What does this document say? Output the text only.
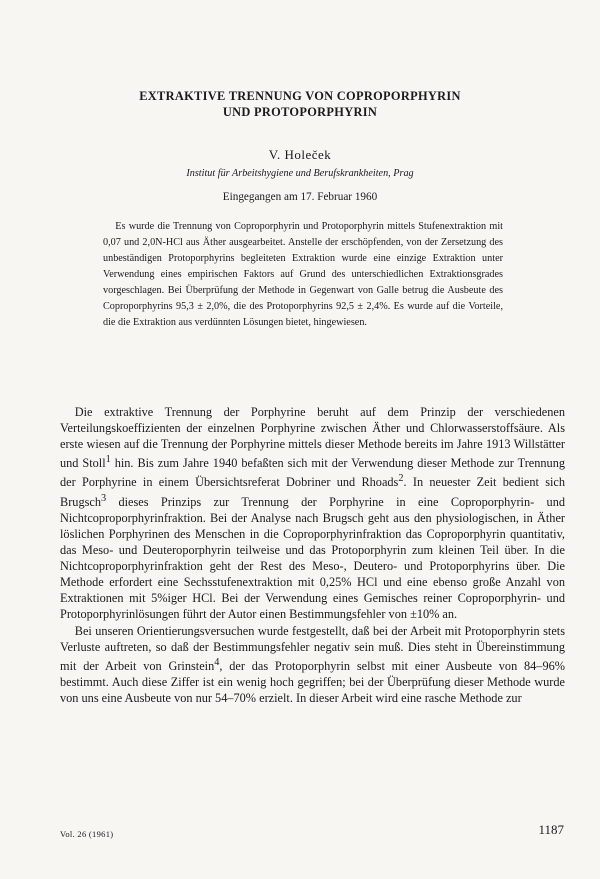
EXTRAKTIVE TRENNUNG VON COPROPORPHYRIN
UND PROTOPORPHYRIN
V. Holeček
Institut für Arbeitshygiene und Berufskrankheiten, Prag
Eingegangen am 17. Februar 1960

Es wurde die Trennung von Coproporphyrin und Protoporphyrin mittels Stufenextraktion mit 0,07 und 2,0N-HCl aus Äther ausgearbeitet. Anstelle der erschöpfenden, von der Zersetzung des unbeständigen Protoporphyrins begleiteten Extraktion wurde eine einzige Extraktion unter Verwendung eines empirischen Faktors auf Grund des unterschiedlichen Extraktionsgrades vorgeschlagen. Bei Überprüfung der Methode in Gegenwart von Galle betrug die Ausbeute des Coproporphyrins 95,3 ± 2,0%, die des Protoporphyrins 92,5 ± 2,4%. Es wurde auf die Vorteile, die die Extraktion aus verdünnten Lösungen bietet, hingewiesen.

Die extraktive Trennung der Porphyrine beruht auf dem Prinzip der verschiedenen Verteilungskoeffizienten der einzelnen Porphyrine zwischen Äther und Chlorwasserstoffsäure. Als erste wiesen auf die Trennung der Porphyrine mittels dieser Methode bereits im Jahre 1913 Willstätter und Stoll$^1$ hin. Bis zum Jahre 1940 befaßten sich mit der Verwendung dieser Methode zur Trennung der Porphyrine in einem Übersichtsreferat Dobriner und Rhoads$^2$. In neuester Zeit bedient sich Brugsch$^3$ dieses Prinzips zur Trennung der Porphyrine in eine Coproporphyrin- und Nichtcoproporphyrinfraktion. Bei der Analyse nach Brugsch geht aus den physiologischen, in Äther löslichen Porphyrinen des Menschen in die Coproporphyrinfraktion das Coproporphyrin quantitativ, das Meso- und Deuteroporphyrin teilweise und das Protoporphyrin zum kleinen Teil über. In die Nichtcoproporphyrinfraktion geht der Rest des Meso-, Deutero- und Protoporphyrins über. Die Methode erfordert eine Sechsstufenextraktion mit 0,25% HCl und eine ebenso große Anzahl von Extraktionen mit 5%iger HCl. Bei der Verwendung eines Gemisches reiner Coproporphyrin- und Protoporphyrinlösungen führt der Autor einen Bestimmungsfehler von ±10% an.

Bei unseren Orientierungsversuchen wurde festgestellt, daß bei der Arbeit mit Protoporphyrin stets Verluste auftreten, so daß der Bestimmungsfehler negativ sein muß. Dies steht in Übereinstimmung mit der Arbeit von Grinstein$^4$, der das Protoporphyrin selbst mit einer Ausbeute von 84–96% bestimmt. Auch diese Ziffer ist ein wenig hoch gegriffen; bei der Überprüfung dieser Methode wurde von uns eine Ausbeute von nur 54–70% erzielt. In dieser Arbeit wird eine rasche Methode zur

Vol. 26 (1961)	1187
